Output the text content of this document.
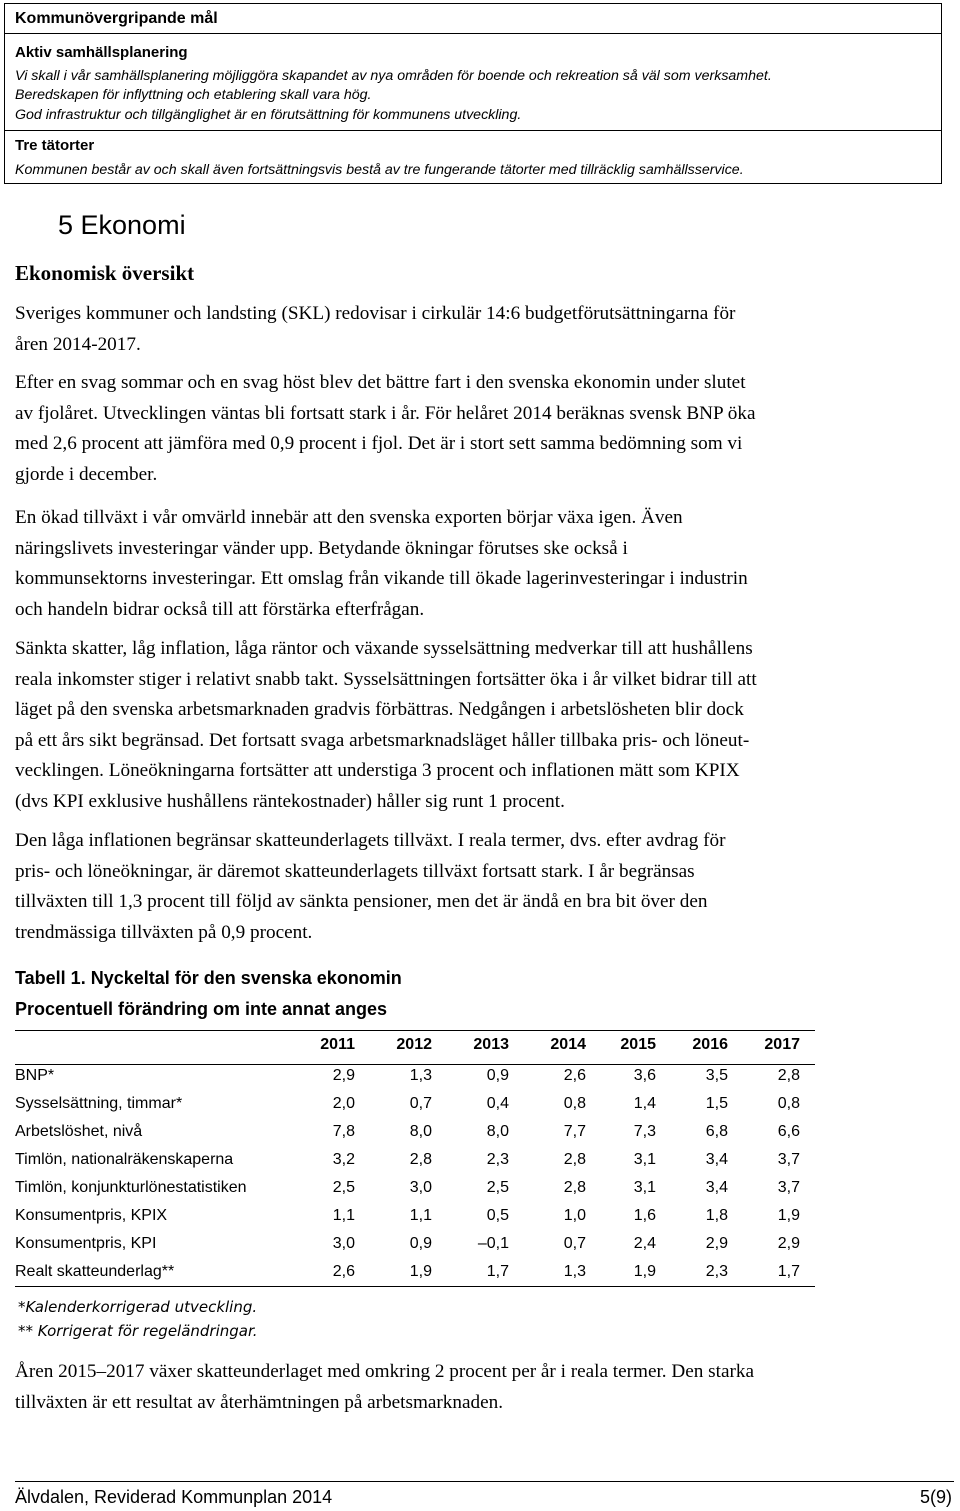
Kommunövergripande mål
Aktiv samhällsplanering
Vi skall i vår samhällsplanering möjliggöra skapandet av nya områden för boende och rekreation så väl som verksamhet.
Beredskapen för inflyttning och etablering skall vara hög.
God infrastruktur och tillgänglighet är en förutsättning för kommunens utveckling.
Tre tätorter
Kommunen består av och skall även fortsättningsvis bestå av tre fungerande tätorter med tillräcklig samhällsservice.
5 Ekonomi
Ekonomisk översikt
Sveriges kommuner och landsting (SKL) redovisar i cirkulär 14:6 budgetförutsättningarna för
åren 2014-2017.
Efter en svag sommar och en svag höst blev det bättre fart i den svenska ekonomin under slutet
av fjolåret. Utvecklingen väntas bli fortsatt stark i år. För helåret 2014 beräknas svensk BNP öka
med 2,6 procent att jämföra med 0,9 procent i fjol. Det är i stort sett samma bedömning som vi
gjorde i december.
En ökad tillväxt i vår omvärld innebär att den svenska exporten börjar växa igen. Även
näringslivets investeringar vänder upp. Betydande ökningar förutses ske också i
kommunsektorns investeringar. Ett omslag från vikande till ökade lagerinvesteringar i industrin
och handeln bidrar också till att förstärka efterfrågan.
Sänkta skatter, låg inflation, låga räntor och växande sysselsättning medverkar till att hushållens
reala inkomster stiger i relativt snabb takt. Sysselsättningen fortsätter öka i år vilket bidrar till att
läget på den svenska arbetsmarknaden gradvis förbättras. Nedgången i arbetslösheten blir dock
på ett års sikt begränsad. Det fortsatt svaga arbetsmarknadsläget håller tillbaka pris- och löneut-
vecklingen. Löneökningarna fortsätter att understiga 3 procent och inflationen mätt som KPIX
(dvs KPI exklusive hushållens räntekostnader) håller sig runt 1 procent.
Den låga inflationen begränsar skatteunderlagets tillväxt. I reala termer, dvs. efter avdrag för
pris- och löneökningar, är däremot skatteunderlagets tillväxt fortsatt stark. I år begränsas
tillväxten till 1,3 procent till följd av sänkta pensioner, men det är ändå en bra bit över den
trendmässiga tillväxten på 0,9 procent.
Tabell 1. Nyckeltal för den svenska ekonomin
Procentuell förändring om inte annat anges
2011	2012	2013	2014	2015	2016	2017
BNP*	2,9	1,3	0,9	2,6	3,6	3,5	2,8
Sysselsättning, timmar*	2,0	0,7	0,4	0,8	1,4	1,5	0,8
Arbetslöshet, nivå	7,8	8,0	8,0	7,7	7,3	6,8	6,6
Timlön, nationalräkenskaperna	3,2	2,8	2,3	2,8	3,1	3,4	3,7
Timlön, konjunkturlönestatistiken	2,5	3,0	2,5	2,8	3,1	3,4	3,7
Konsumentpris, KPIX	1,1	1,1	0,5	1,0	1,6	1,8	1,9
Konsumentpris, KPI	3,0	0,9	–0,1	0,7	2,4	2,9	2,9
Realt skatteunderlag**	2,6	1,9	1,7	1,3	1,9	2,3	1,7
*Kalenderkorrigerad utveckling.
** Korrigerat för regeländringar.
Åren 2015–2017 växer skatteunderlaget med omkring 2 procent per år i reala termer. Den starka
tillväxten är ett resultat av återhämtningen på arbetsmarknaden.
Älvdalen, Reviderad Kommunplan 2014	5(9)
